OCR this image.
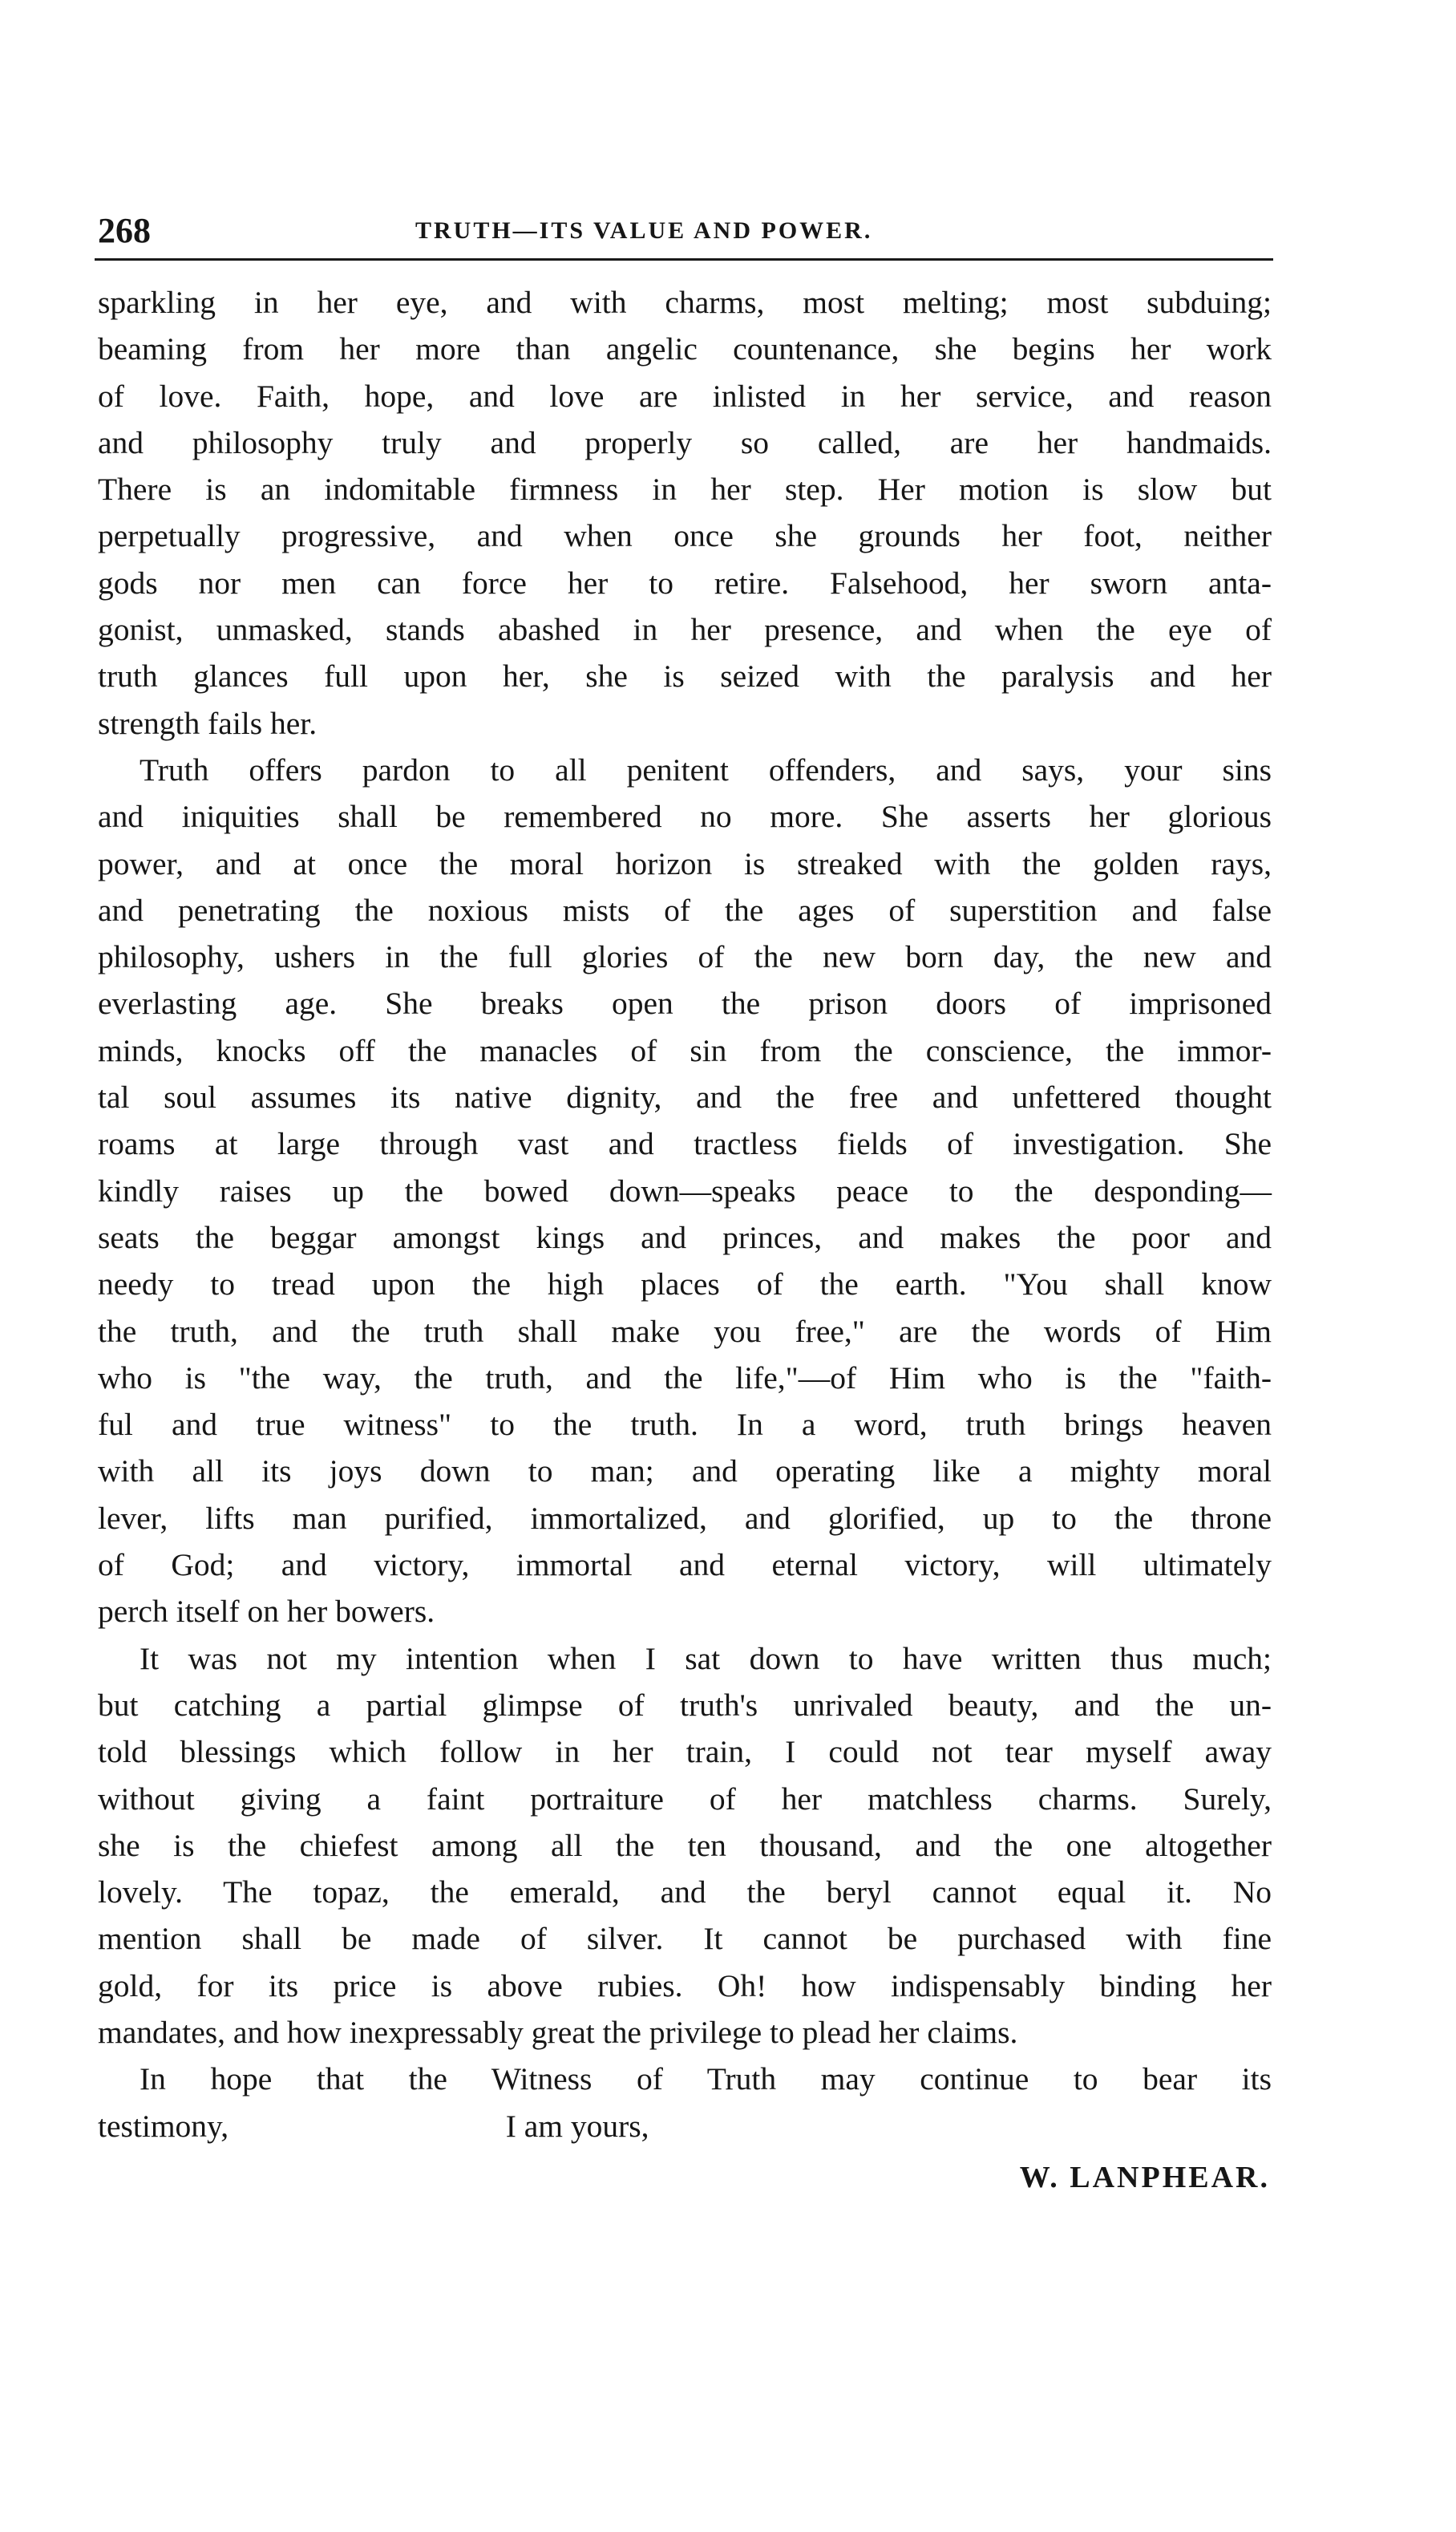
268	TRUTH—ITS VALUE AND POWER.
sparkling in her eye, and with charms, most melting; most subduing;
beaming from her more than angelic countenance, she begins her work
of love. Faith, hope, and love are inlisted in her service, and reason
and philosophy truly and properly so called, are her handmaids.
There is an indomitable firmness in her step. Her motion is slow but
perpetually progressive, and when once she grounds her foot, neither
gods nor men can force her to retire. Falsehood, her sworn anta-
gonist, unmasked, stands abashed in her presence, and when the eye of
truth glances full upon her, she is seized with the paralysis and her
strength fails her.
Truth offers pardon to all penitent offenders, and says, your sins
and iniquities shall be remembered no more. She asserts her glorious
power, and at once the moral horizon is streaked with the golden rays,
and penetrating the noxious mists of the ages of superstition and false
philosophy, ushers in the full glories of the new born day, the new and
everlasting age. She breaks open the prison doors of imprisoned
minds, knocks off the manacles of sin from the conscience, the immor-
tal soul assumes its native dignity, and the free and unfettered thought
roams at large through vast and tractless fields of investigation. She
kindly raises up the bowed down—speaks peace to the desponding—
seats the beggar amongst kings and princes, and makes the poor and
needy to tread upon the high places of the earth. "You shall know
the truth, and the truth shall make you free," are the words of Him
who is "the way, the truth, and the life,"—of Him who is the "faith-
ful and true witness" to the truth. In a word, truth brings heaven
with all its joys down to man; and operating like a mighty moral
lever, lifts man purified, immortalized, and glorified, up to the throne
of God; and victory, immortal and eternal victory, will ultimately
perch itself on her bowers.
It was not my intention when I sat down to have written thus much;
but catching a partial glimpse of truth's unrivaled beauty, and the un-
told blessings which follow in her train, I could not tear myself away
without giving a faint portraiture of her matchless charms. Surely,
she is the chiefest among all the ten thousand, and the one altogether
lovely. The topaz, the emerald, and the beryl cannot equal it. No
mention shall be made of silver. It cannot be purchased with fine
gold, for its price is above rubies. Oh! how indispensably binding her
mandates, and how inexpressably great the privilege to plead her claims.
In hope that the Witness of Truth may continue to bear its
testimony,                                   I am yours,
W. LANPHEAR.
